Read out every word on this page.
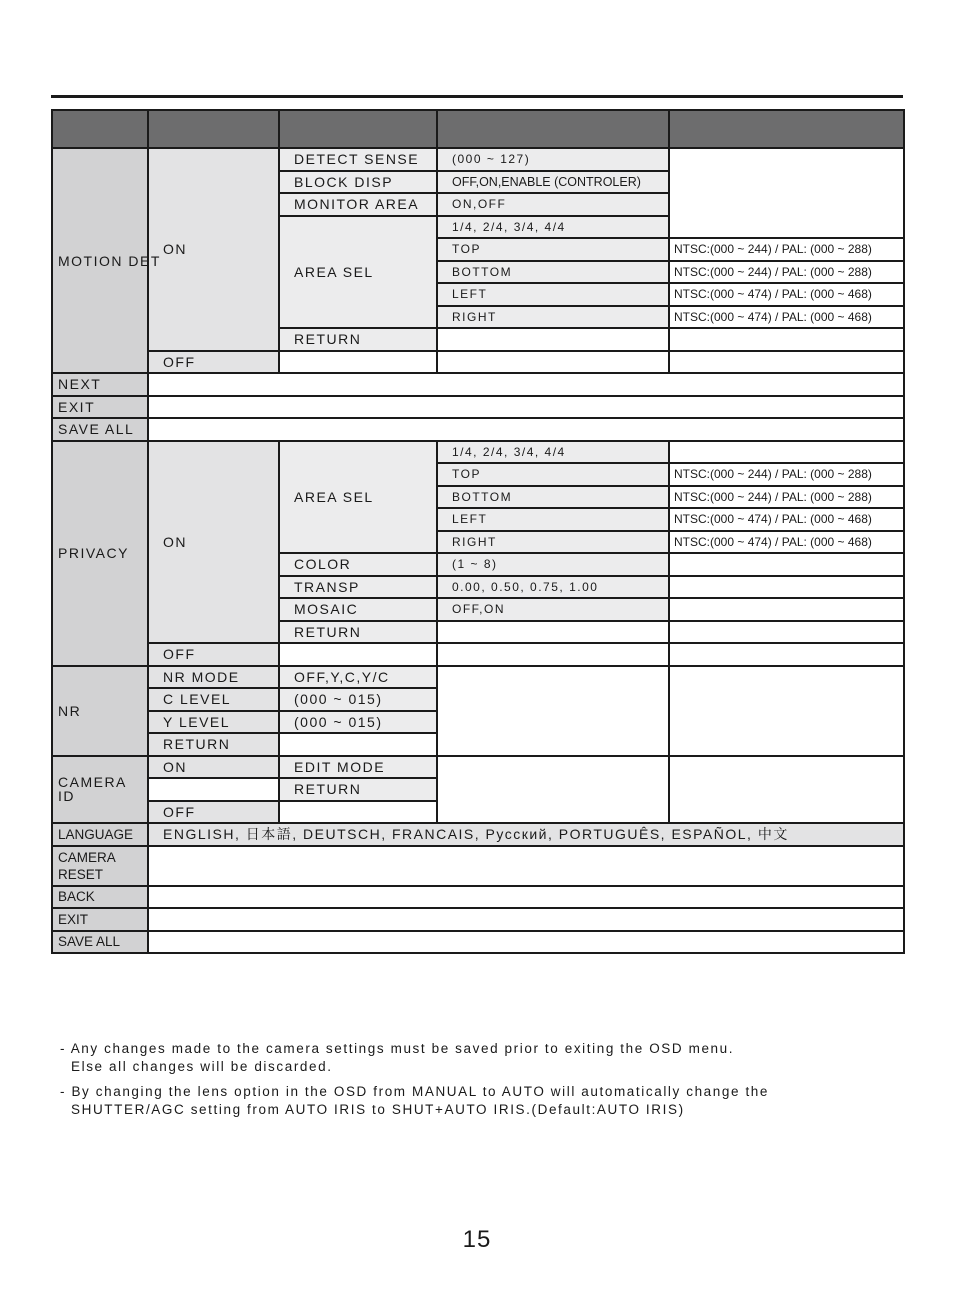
MOTION DET	ON	DETECT SENSE	(000 ~ 127)	
		BLOCK DISP	OFF,ON,ENABLE (CONTROLER)	
		MONITOR AREA	ON,OFF	
		AREA SEL	1/4, 2/4, 3/4, 4/4	
			TOP	NTSC:(000 ~ 244) / PAL: (000 ~ 288)
			BOTTOM	NTSC:(000 ~ 244) / PAL: (000 ~ 288)
			LEFT	NTSC:(000 ~ 474) / PAL: (000 ~ 468)
			RIGHT	NTSC:(000 ~ 474) / PAL: (000 ~ 468)
		RETURN		
	OFF			
NEXT				
EXIT				
SAVE ALL				
PRIVACY	ON	AREA SEL	1/4, 2/4, 3/4, 4/4	
			TOP	NTSC:(000 ~ 244) / PAL: (000 ~ 288)
			BOTTOM	NTSC:(000 ~ 244) / PAL: (000 ~ 288)
			LEFT	NTSC:(000 ~ 474) / PAL: (000 ~ 468)
			RIGHT	NTSC:(000 ~ 474) / PAL: (000 ~ 468)
		COLOR	(1 ~ 8)	
		TRANSP	0.00, 0.50, 0.75, 1.00	
		MOSAIC	OFF,ON	
		RETURN		
	OFF			
NR	NR MODE	OFF,Y,C,Y/C		
	C LEVEL	(000 ~ 015)		
	Y LEVEL	(000 ~ 015)		
	RETURN			
CAMERA
ID	ON	EDIT MODE		
		RETURN		
	OFF			
LANGUAGE	ENGLISH, 日本語, DEUTSCH, FRANCAIS, Русский, PORTUGUÊS, ESPAÑOL, 中文			
CAMERA
RESET				
BACK				
EXIT				
SAVE ALL				

- Any changes made to the camera settings must be saved prior to exiting the OSD menu.
Else all changes will be discarded.

- By changing the lens option in the OSD from MANUAL to AUTO will automatically change the
SHUTTER/AGC setting from AUTO IRIS to SHUT+AUTO IRIS.(Default:AUTO IRIS)

15
